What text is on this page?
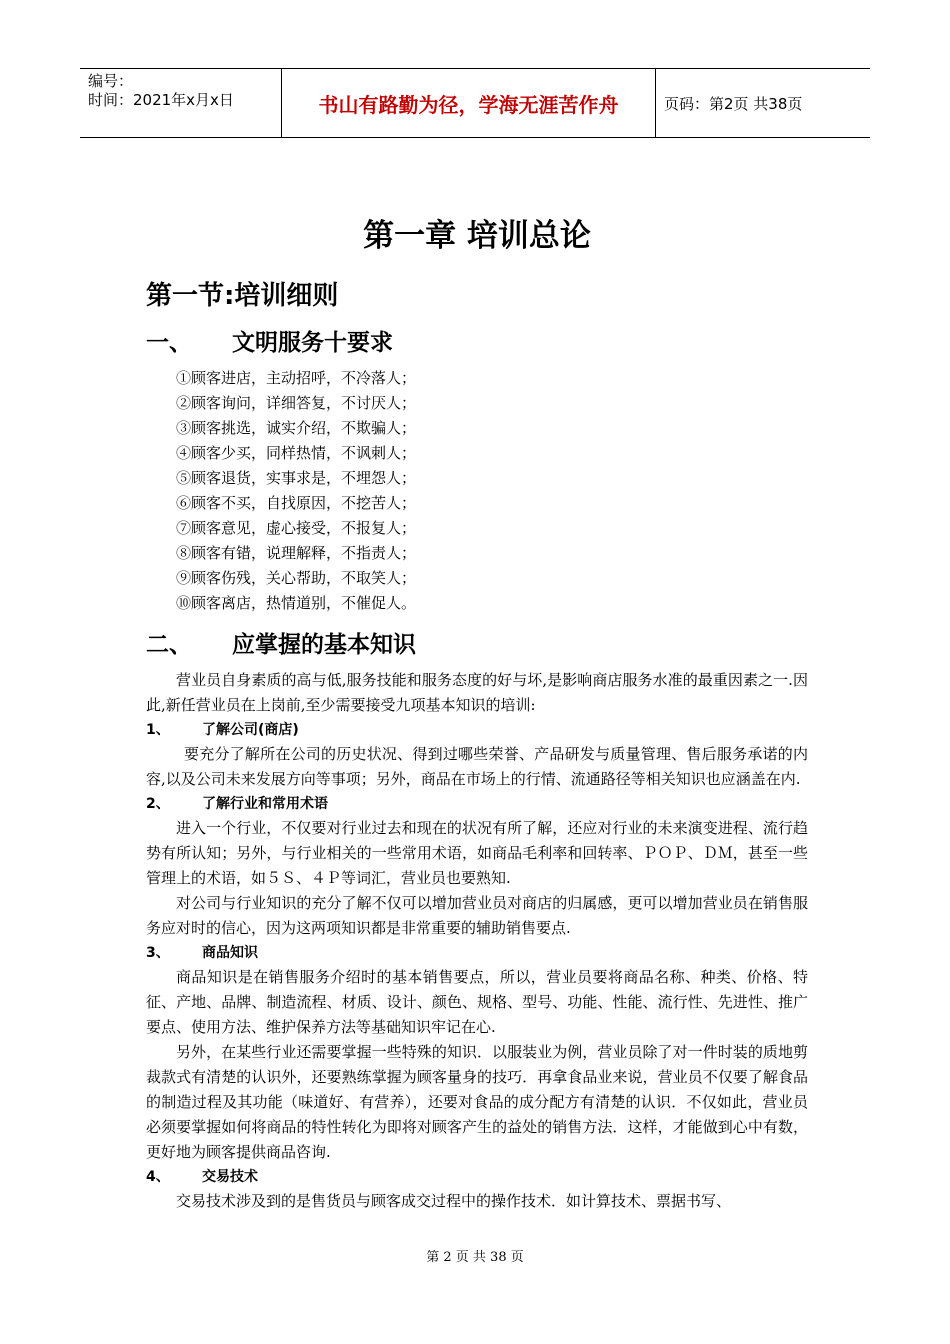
编号：
时间：2021年x月x日	书山有路勤为径，学海无涯苦作舟	页码：第2页 共38页
第一章 培训总论
第一节:培训细则
一、	文明服务十要求
①顾客进店，主动招呼，不冷落人；
②顾客询问，详细答复，不讨厌人；
③顾客挑选，诚实介绍，不欺骗人；
④顾客少买，同样热情，不讽刺人；
⑤顾客退货，实事求是，不埋怨人；
⑥顾客不买，自找原因，不挖苦人；
⑦顾客意见，虚心接受，不报复人；
⑧顾客有错，说理解释，不指责人；
⑨顾客伤残，关心帮助，不取笑人；
⑩顾客离店，热情道别，不催促人。
二、	应掌握的基本知识

营业员自身素质的高与低,服务技能和服务态度的好与坏,是影响商店服务水准的最重因素之一.因此,新任营业员在上岗前,至少需要接受九项基本知识的培训:

1、	了解公司(商店)

要充分了解所在公司的历史状况、得到过哪些荣誉、产品研发与质量管理、售后服务承诺的内容,以及公司未来发展方向等事项；另外，商品在市场上的行情、流通路径等相关知识也应涵盖在内.

2、	了解行业和常用术语

进入一个行业，不仅要对行业过去和现在的状况有所了解，还应对行业的未来演变进程、流行趋势有所认知；另外，与行业相关的一些常用术语，如商品毛利率和回转率、ＰＯＰ、ＤＭ，甚至一些管理上的术语，如５Ｓ、４Ｐ等词汇，营业员也要熟知.

对公司与行业知识的充分了解不仅可以增加营业员对商店的归属感，更可以增加营业员在销售服务应对时的信心，因为这两项知识都是非常重要的辅助销售要点.

3、	商品知识

商品知识是在销售服务介绍时的基本销售要点，所以，营业员要将商品名称、种类、价格、特征、产地、品牌、制造流程、材质、设计、颜色、规格、型号、功能、性能、流行性、先进性、推广要点、使用方法、维护保养方法等基础知识牢记在心.

另外，在某些行业还需要掌握一些特殊的知识．以服装业为例，营业员除了对一件时装的质地剪裁款式有清楚的认识外，还要熟练掌握为顾客量身的技巧．再拿食品业来说，营业员不仅要了解食品的制造过程及其功能（味道好、有营养），还要对食品的成分配方有清楚的认识．不仅如此，营业员必须要掌握如何将商品的特性转化为即将对顾客产生的益处的销售方法．这样，才能做到心中有数，更好地为顾客提供商品咨询.

4、	交易技术

交易技术涉及到的是售货员与顾客成交过程中的操作技术．如计算技术、票据书写、

第 2 页 共 38 页
